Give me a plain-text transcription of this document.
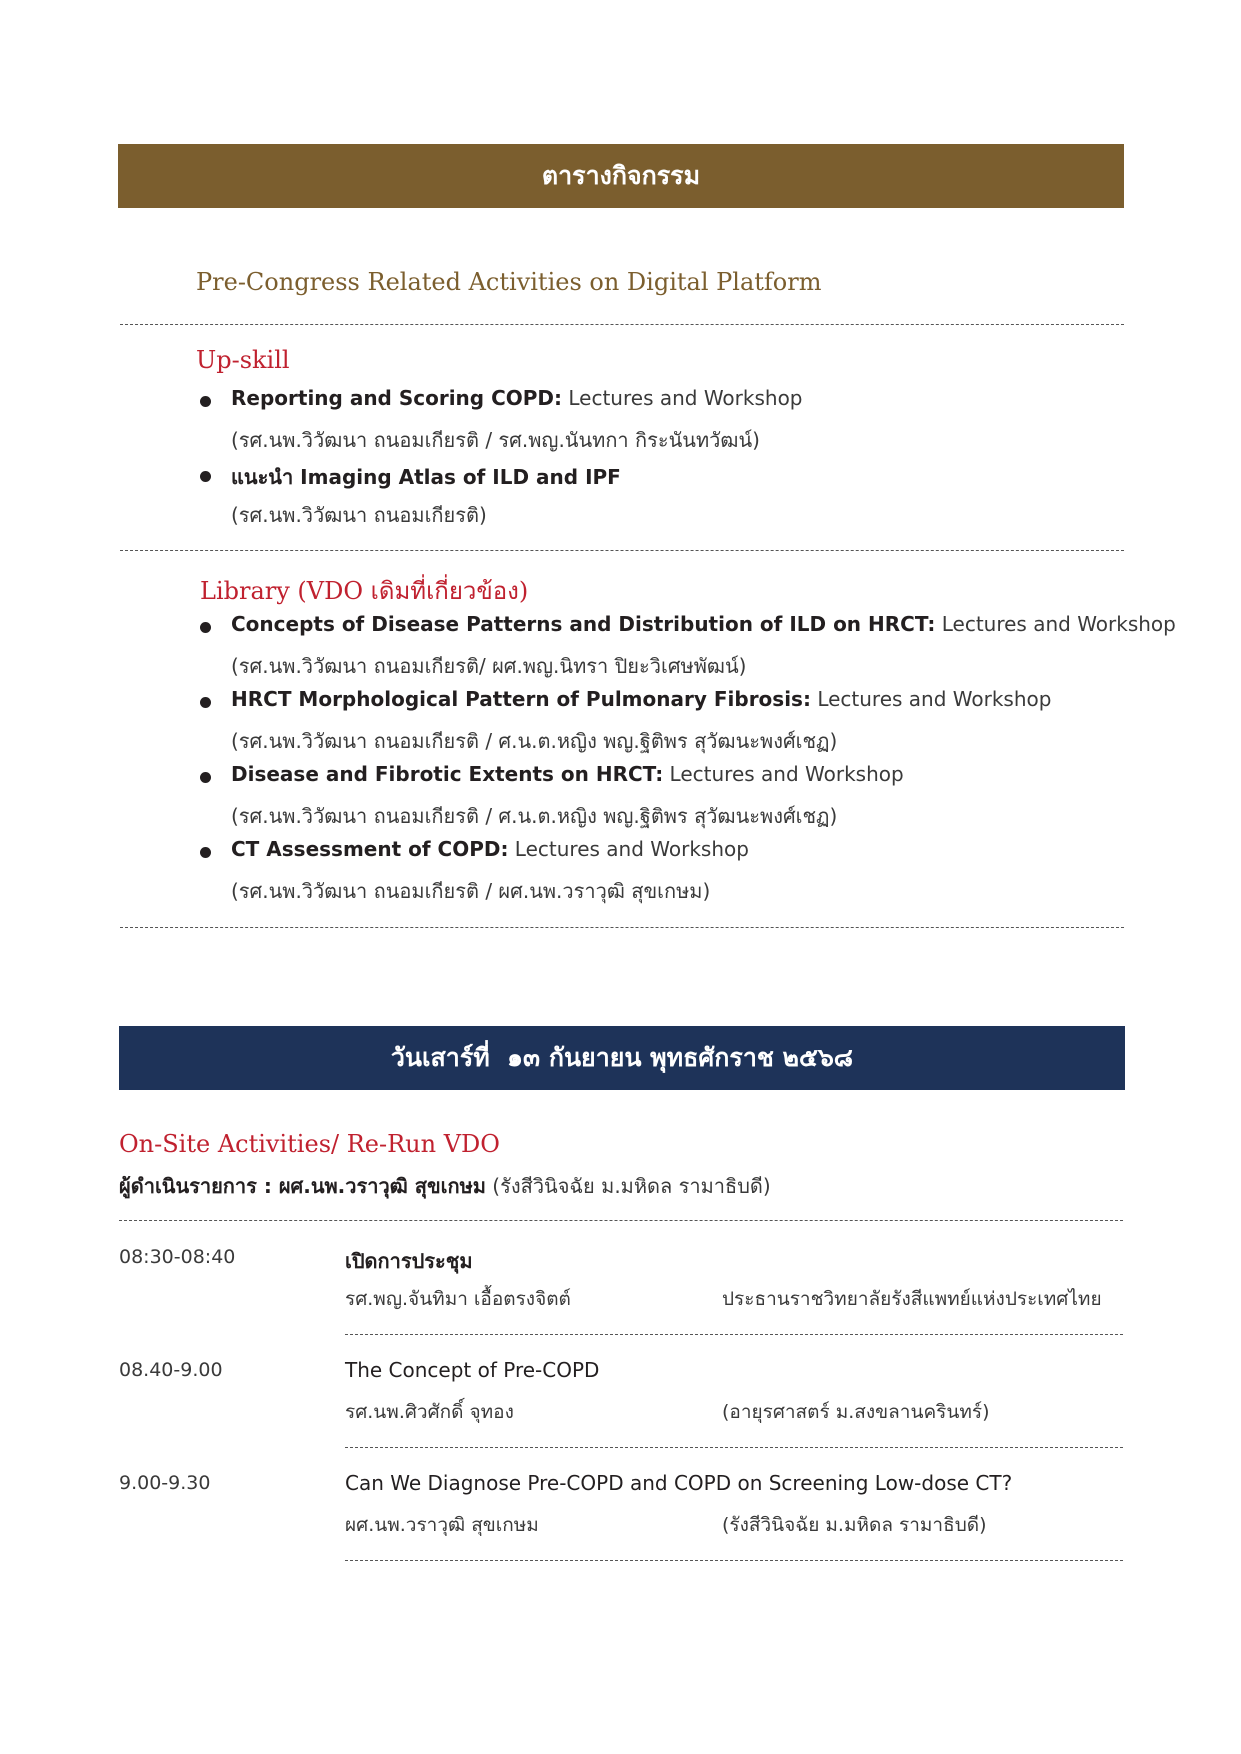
ตารางกิจกรรม
Pre-Congress Related Activities on Digital Platform
Up-skill
Reporting and Scoring COPD: Lectures and Workshop
(รศ.นพ.วิวัฒนา ถนอมเกียรติ / รศ.พญ.นันทกา กิระนันทวัฒน์)
แนะนำ Imaging Atlas of ILD and IPF
(รศ.นพ.วิวัฒนา ถนอมเกียรติ)
Library (VDO เดิมที่เกี่ยวข้อง)
Concepts of Disease Patterns and Distribution of ILD on HRCT: Lectures and Workshop
(รศ.นพ.วิวัฒนา ถนอมเกียรติ/ ผศ.พญ.นิทรา ปิยะวิเศษพัฒน์)
HRCT Morphological Pattern of Pulmonary Fibrosis: Lectures and Workshop
(รศ.นพ.วิวัฒนา ถนอมเกียรติ / ศ.น.ต.หญิง พญ.ฐิติพร สุวัฒนะพงศ์เชฏ)
Disease and Fibrotic Extents on HRCT: Lectures and Workshop
(รศ.นพ.วิวัฒนา ถนอมเกียรติ / ศ.น.ต.หญิง พญ.ฐิติพร สุวัฒนะพงศ์เชฏ)
CT Assessment of COPD: Lectures and Workshop
(รศ.นพ.วิวัฒนา ถนอมเกียรติ / ผศ.นพ.วราวุฒิ สุขเกษม)
วันเสาร์ที่  ๑๓ กันยายน พุทธศักราช ๒๕๖๘
On-Site Activities/ Re-Run VDO
ผู้ดำเนินรายการ : ผศ.นพ.วราวุฒิ สุขเกษม (รังสีวินิจฉัย ม.มหิดล รามาธิบดี)
08:30-08:40	เปิดการประชุม
รศ.พญ.จันทิมา เอื้อตรงจิตต์	ประธานราชวิทยาลัยรังสีแพทย์แห่งประเทศไทย
08.40-9.00	The Concept of Pre-COPD
รศ.นพ.ศิวศักดิ์ จุทอง	(อายุรศาสตร์ ม.สงขลานครินทร์)
9.00-9.30	Can We Diagnose Pre-COPD and COPD on Screening Low-dose CT?
ผศ.นพ.วราวุฒิ สุขเกษม	(รังสีวินิจฉัย ม.มหิดล รามาธิบดี)
